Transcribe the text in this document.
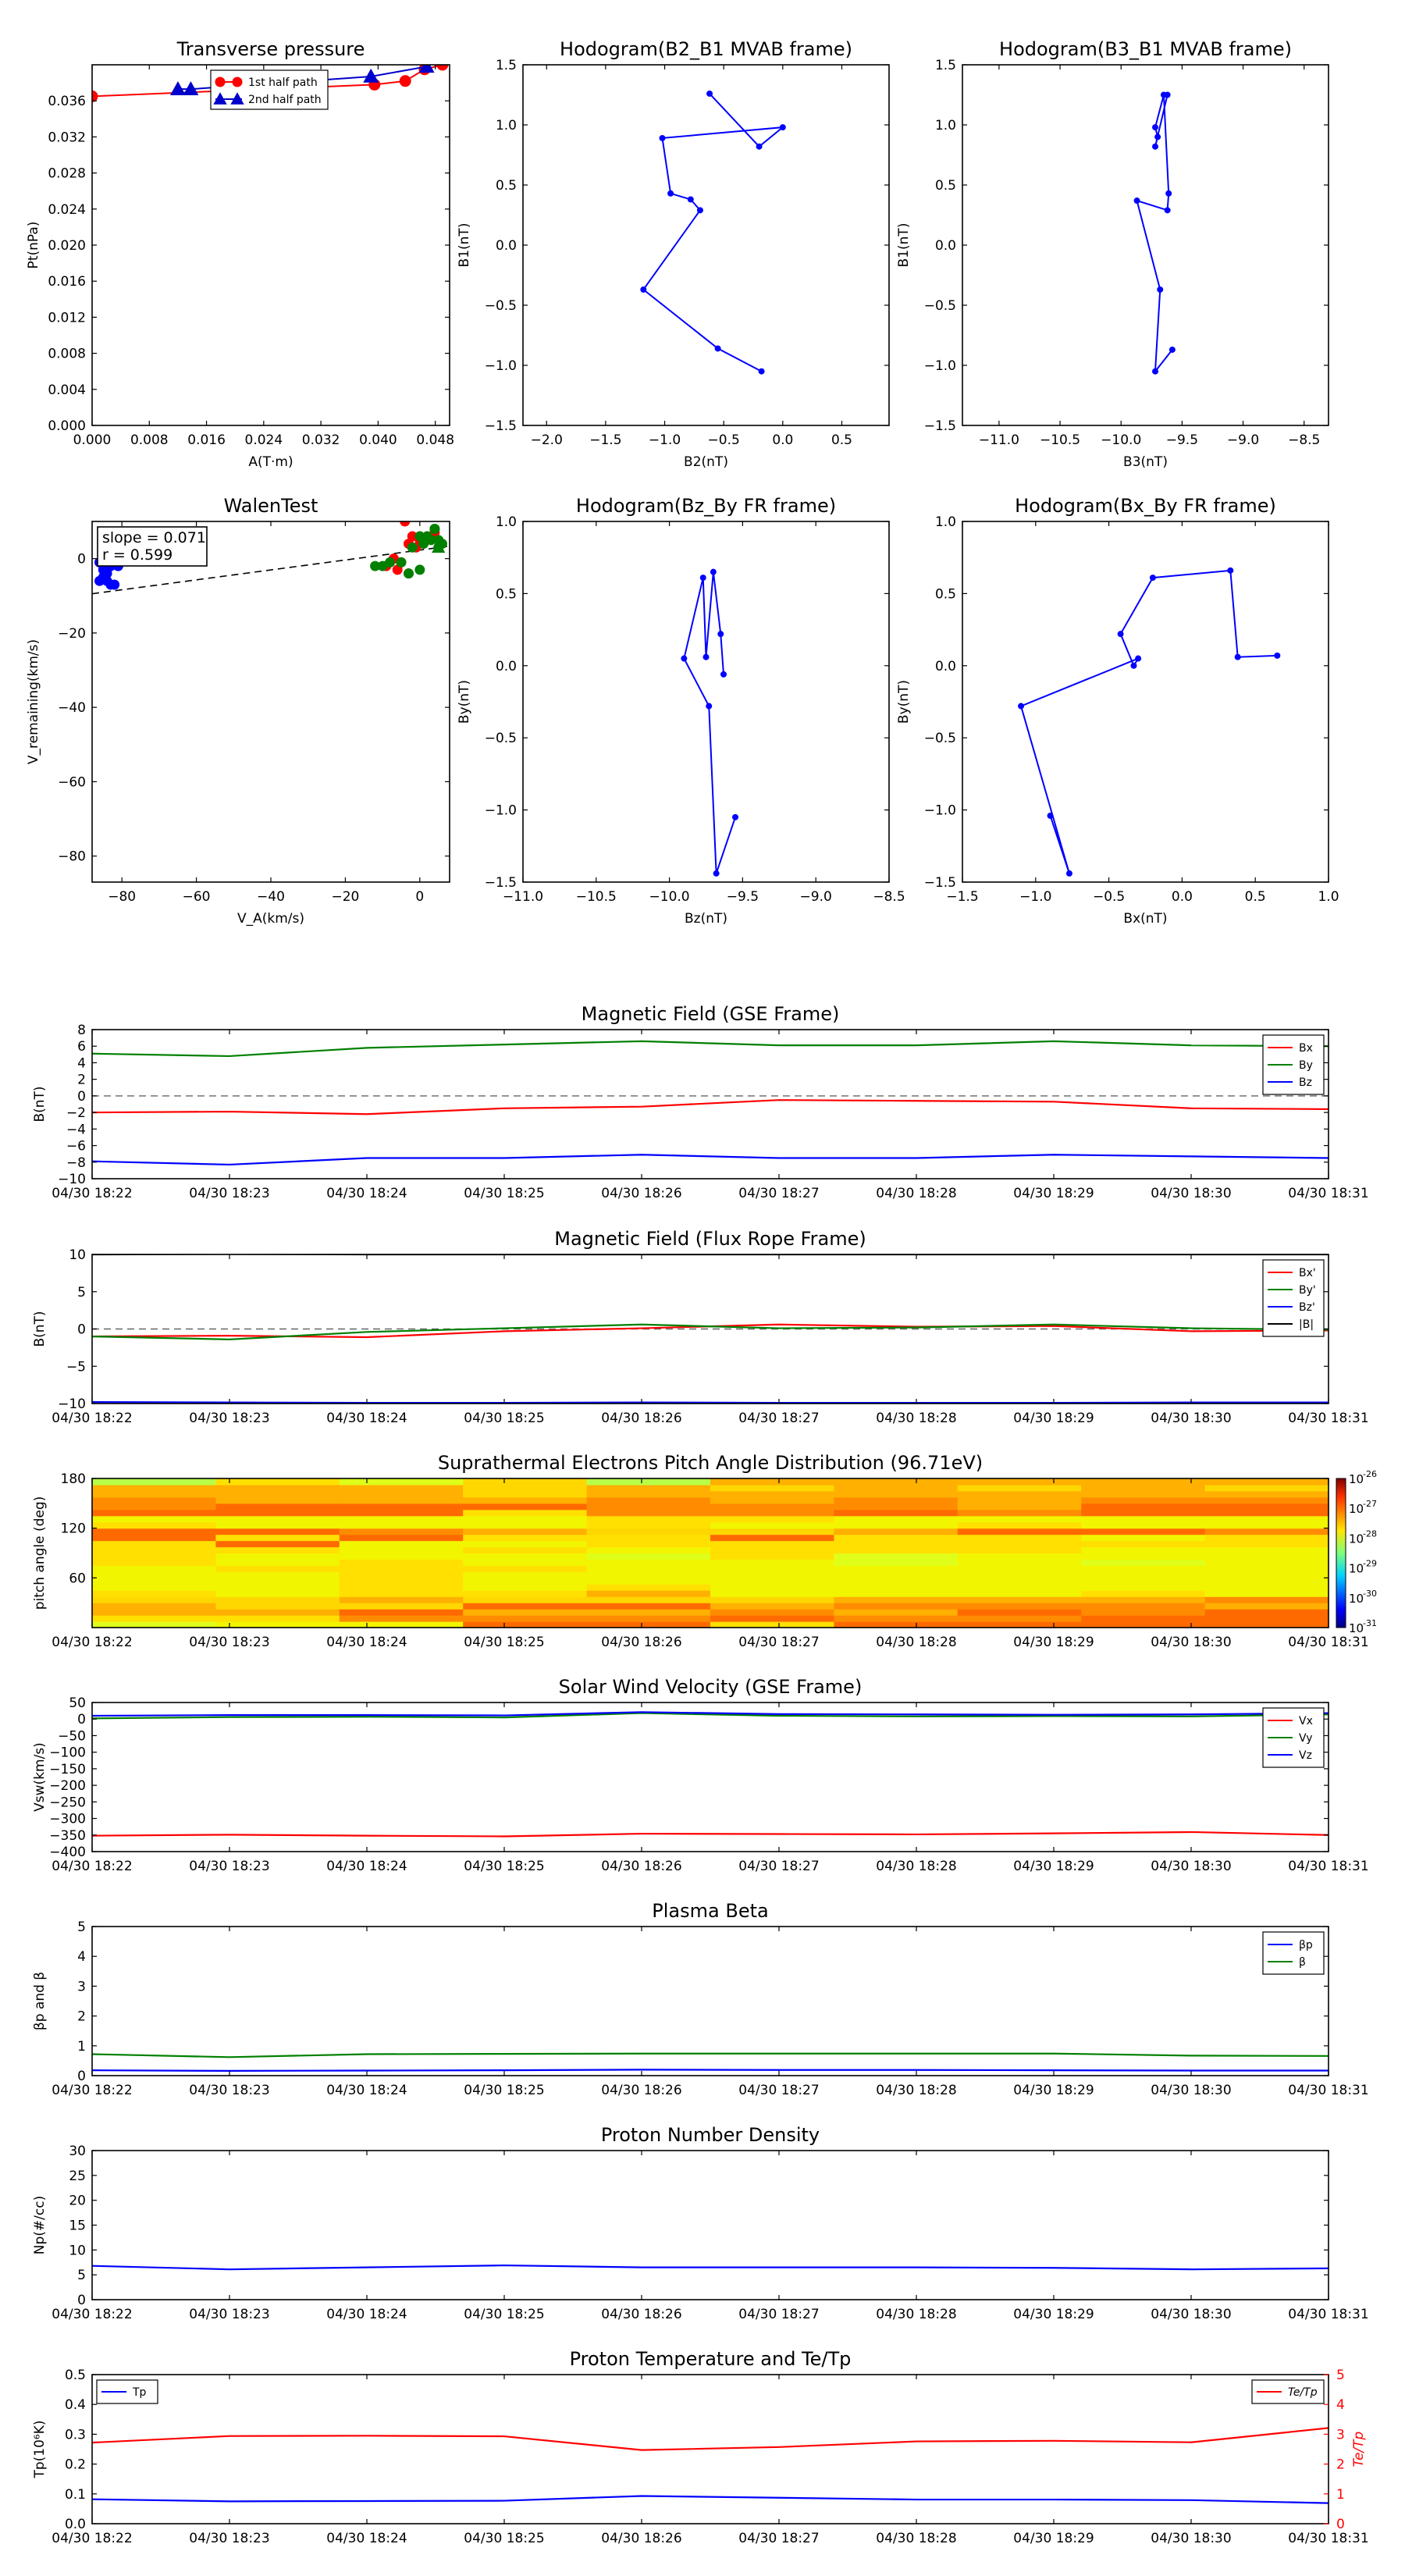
0.000 0.008 0.016 0.024 0.032 0.040 0.048
0.000
0.004
0.008
0.012
0.016
0.020
0.024
0.028
0.032
0.036
Transverse pressure
A(T·m)
Pt(nPa)
1st half path
2nd half path
−2.0 −1.5 −1.0 −0.5 0.0	0.5
−1.5
−1.0
−0.5
0.0
0.5
1.0
1.5
Hodogram(B2_B1 MVAB frame)
B2(nT)
B1(nT)
−11.0 −10.5 −10.0 −9.5 −9.0 −8.5
−1.5
−1.0
−0.5
0.0
0.5
1.0
1.5
Hodogram(B3_B1 MVAB frame)
B3(nT)
B1(nT)
−80	−60	−40	−20	0
−80
−60
−40
−20
0
WalenTest
V_A(km/s)
V_remaining(km/s)
slope = 0.071
r = 0.599
−11.0 −10.5 −10.0	−9.5	−9.0	−8.5
−1.5
−1.0
−0.5
0.0
0.5
1.0
Hodogram(Bz_By FR frame)
Bz(nT)
By(nT)
−1.5	−1.0	−0.5	0.0	0.5	1.0
−1.5
−1.0
−0.5
0.0
0.5
1.0
Hodogram(Bx_By FR frame)
Bx(nT)
By(nT)
04/30 18:22	04/30 18:23	04/30 18:24	04/30 18:25	04/30 18:26	04/30 18:27	04/30 18:28	04/30 18:29	04/30 18:30	04/30 18:31
−10
−8
−6
−4
−2
0
2
4
6
8
Magnetic Field (GSE Frame)
B(nT)
Bx
By
Bz
04/30 18:22	04/30 18:23	04/30 18:24	04/30 18:25	04/30 18:26	04/30 18:27	04/30 18:28	04/30 18:29	04/30 18:30	04/30 18:31
−10
−5
0
5
10
Magnetic Field (Flux Rope Frame)
B(nT)
Bx'
By'
Bz'
|B|
04/30 18:22	04/30 18:23	04/30 18:24	04/30 18:25	04/30 18:26	04/30 18:27	04/30 18:28	04/30 18:29	04/30 18:30	04/30 18:31
−400
−350
−300
−250
−200
−150
−100
−50
0
50
Solar Wind Velocity (GSE Frame)
Vsw(km/s)
Vx
Vy
Vz
04/30 18:22	04/30 18:23	04/30 18:24	04/30 18:25	04/30 18:26	04/30 18:27	04/30 18:28	04/30 18:29	04/30 18:30	04/30 18:31
0
1
2
3
4
5
Plasma Beta
βp and β
βp
β
04/30 18:22	04/30 18:23	04/30 18:24	04/30 18:25	04/30 18:26	04/30 18:27	04/30 18:28	04/30 18:29	04/30 18:30	04/30 18:31
0
5
10
15
20
25
30
Proton Number Density
Np(#/cc)
04/30 18:22	04/30 18:23	04/30 18:24	04/30 18:25	04/30 18:26	04/30 18:27	04/30 18:28	04/30 18:29	04/30 18:30	04/30 18:31
0.0
0.1
0.2
0.3
0.4
0.5
0
1
2
3
4
5
Te/Tp
Proton Temperature and Te/Tp
Tp(10⁶K)
Tp	Te/Tp
04/30 18:22	04/30 18:23	04/30 18:24	04/30 18:25	04/30 18:26	04/30 18:27	04/30 18:28	04/30 18:29	04/30 18:30	04/30 18:31
60
120
180
Suprathermal Electrons Pitch Angle Distribution (96.71eV)
pitch angle (deg)
10
-26
10
-27
10
-28
10
-29
10
-30
10
-31
